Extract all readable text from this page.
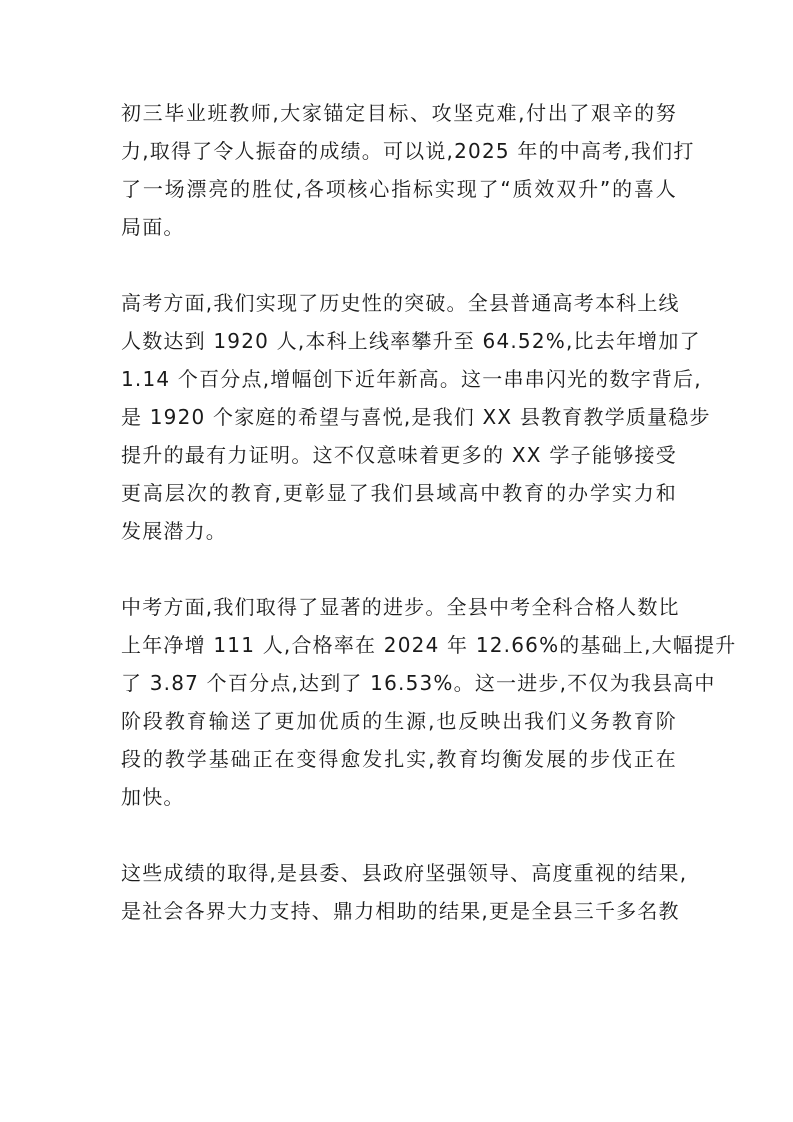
初三毕业班教师,大家锚定目标、攻坚克难,付出了艰辛的努
力,取得了令人振奋的成绩。可以说,2025 年的中高考,我们打
了一场漂亮的胜仗,各项核心指标实现了“质效双升”的喜人
局面。

高考方面,我们实现了历史性的突破。全县普通高考本科上线
人数达到 1920 人,本科上线率攀升至 64.52%,比去年增加了
1.14 个百分点,增幅创下近年新高。这一串串闪光的数字背后,
是 1920 个家庭的希望与喜悦,是我们 XX 县教育教学质量稳步
提升的最有力证明。这不仅意味着更多的 XX 学子能够接受
更高层次的教育,更彰显了我们县域高中教育的办学实力和
发展潜力。

中考方面,我们取得了显著的进步。全县中考全科合格人数比
上年净增 111 人,合格率在 2024 年 12.66%的基础上,大幅提升
了 3.87 个百分点,达到了 16.53%。这一进步,不仅为我县高中
阶段教育输送了更加优质的生源,也反映出我们义务教育阶
段的教学基础正在变得愈发扎实,教育均衡发展的步伐正在
加快。

这些成绩的取得,是县委、县政府坚强领导、高度重视的结果,
是社会各界大力支持、鼎力相助的结果,更是全县三千多名教
